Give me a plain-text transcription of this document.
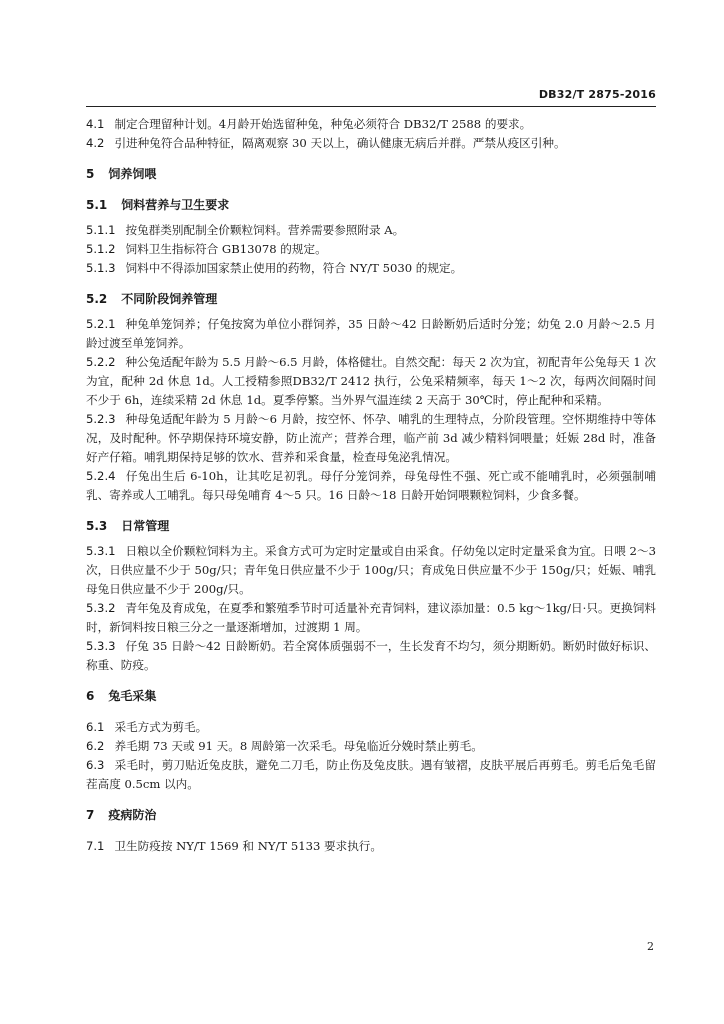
DB32/T 2875-2016
4.1 制定合理留种计划。4月龄开始选留种兔，种兔必须符合 DB32/T 2588 的要求。
4.2 引进种兔符合品种特征，隔离观察 30 天以上，确认健康无病后并群。严禁从疫区引种。
5 饲养饲喂
5.1 饲料营养与卫生要求
5.1.1 按兔群类别配制全价颗粒饲料。营养需要参照附录 A。
5.1.2 饲料卫生指标符合 GB13078 的规定。
5.1.3 饲料中不得添加国家禁止使用的药物，符合 NY/T 5030 的规定。
5.2 不同阶段饲养管理
5.2.1 种兔单笼饲养；仔兔按窝为单位小群饲养，35 日龄～42 日龄断奶后适时分笼；幼兔 2.0 月龄～2.5 月龄过渡至单笼饲养。
5.2.2 种公兔适配年龄为 5.5 月龄～6.5 月龄，体格健壮。自然交配：每天 2 次为宜，初配青年公兔每天 1 次为宜，配种 2d 休息 1d。人工授精参照DB32/T 2412 执行，公兔采精频率，每天 1～2 次，每两次间隔时间不少于 6h，连续采精 2d 休息 1d。夏季停繁。当外界气温连续 2 天高于 30℃时，停止配种和采精。
5.2.3 种母兔适配年龄为 5 月龄～6 月龄，按空怀、怀孕、哺乳的生理特点，分阶段管理。空怀期维持中等体况，及时配种。怀孕期保持环境安静，防止流产；营养合理，临产前 3d 减少精料饲喂量；妊娠 28d 时，准备好产仔箱。哺乳期保持足够的饮水、营养和采食量，检查母兔泌乳情况。
5.2.4 仔兔出生后 6-10h，让其吃足初乳。母仔分笼饲养，母兔母性不强、死亡或不能哺乳时，必须强制哺乳、寄养或人工哺乳。每只母兔哺育 4～5 只。16 日龄～18 日龄开始饲喂颗粒饲料，少食多餐。
5.3 日常管理
5.3.1 日粮以全价颗粒饲料为主。采食方式可为定时定量或自由采食。仔幼兔以定时定量采食为宜。日喂 2～3 次，日供应量不少于 50g/只；青年兔日供应量不少于 100g/只；育成兔日供应量不少于 150g/只；妊娠、哺乳母兔日供应量不少于 200g/只。
5.3.2 青年兔及育成兔，在夏季和繁殖季节时可适量补充青饲料，建议添加量：0.5 kg～1kg/日·只。更换饲料时，新饲料按日粮三分之一量逐渐增加，过渡期 1 周。
5.3.3 仔兔 35 日龄～42 日龄断奶。若全窝体质强弱不一，生长发育不均匀，须分期断奶。断奶时做好标识、称重、防疫。
6 兔毛采集
6.1 采毛方式为剪毛。
6.2 养毛期 73 天或 91 天。8 周龄第一次采毛。母兔临近分娩时禁止剪毛。
6.3 采毛时，剪刀贴近兔皮肤，避免二刀毛，防止伤及兔皮肤。遇有皱褶，皮肤平展后再剪毛。剪毛后兔毛留茬高度 0.5cm 以内。
7 疫病防治
7.1 卫生防疫按 NY/T 1569 和 NY/T 5133 要求执行。
2
